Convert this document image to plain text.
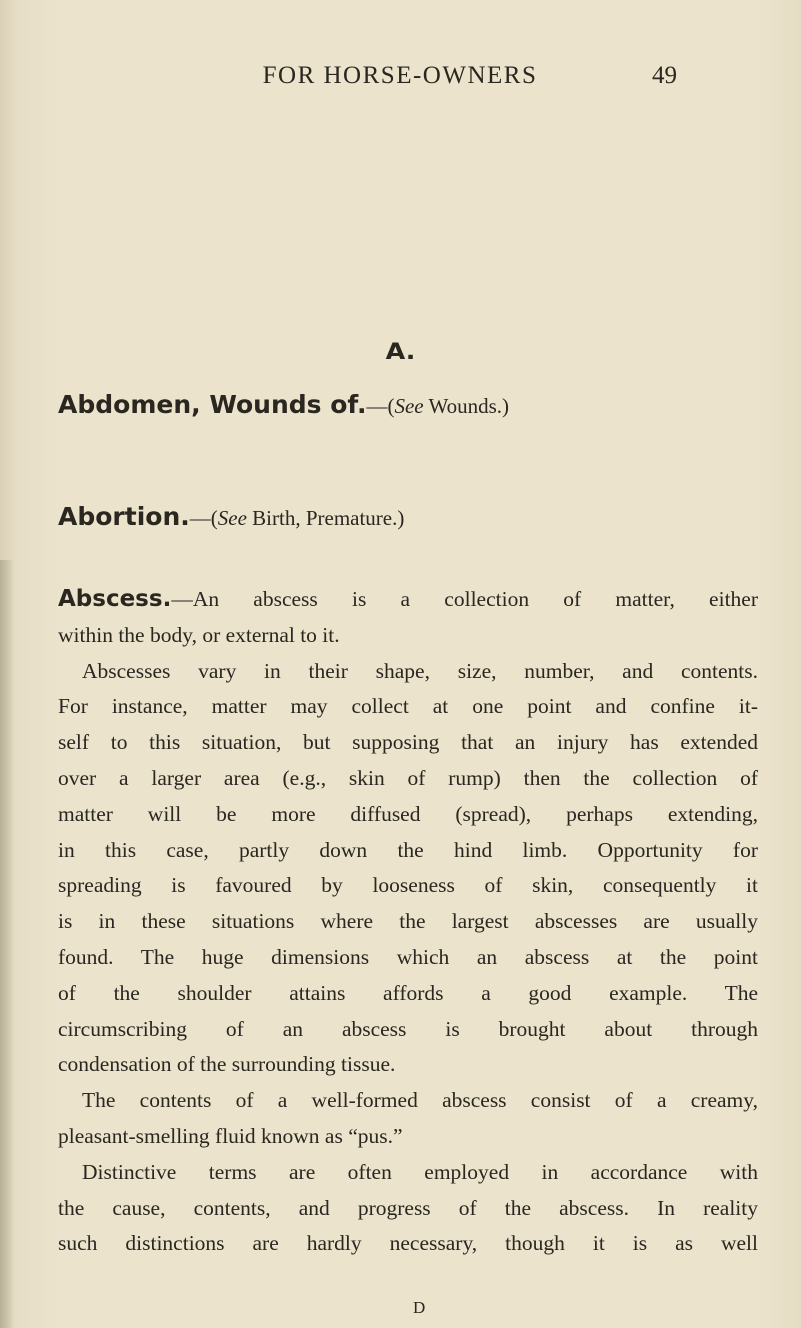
FOR HORSE-OWNERS	49
A.
Abdomen, Wounds of.—(See Wounds.)
Abortion.—(See Birth, Premature.)
Abscess.—An abscess is a collection of matter, either
within the body, or external to it.
Abscesses vary in their shape, size, number, and contents.
For instance, matter may collect at one point and confine it-
self to this situation, but supposing that an injury has extended
over a larger area (e.g., skin of rump) then the collection of
matter will be more diffused (spread), perhaps extending,
in this case, partly down the hind limb. Opportunity for
spreading is favoured by looseness of skin, consequently it
is in these situations where the largest abscesses are usually
found. The huge dimensions which an abscess at the point
of the shoulder attains affords a good example. The
circumscribing of an abscess is brought about through
condensation of the surrounding tissue.
The contents of a well-formed abscess consist of a creamy,
pleasant-smelling fluid known as “pus.”
Distinctive terms are often employed in accordance with
the cause, contents, and progress of the abscess. In reality
such distinctions are hardly necessary, though it is as well
D
